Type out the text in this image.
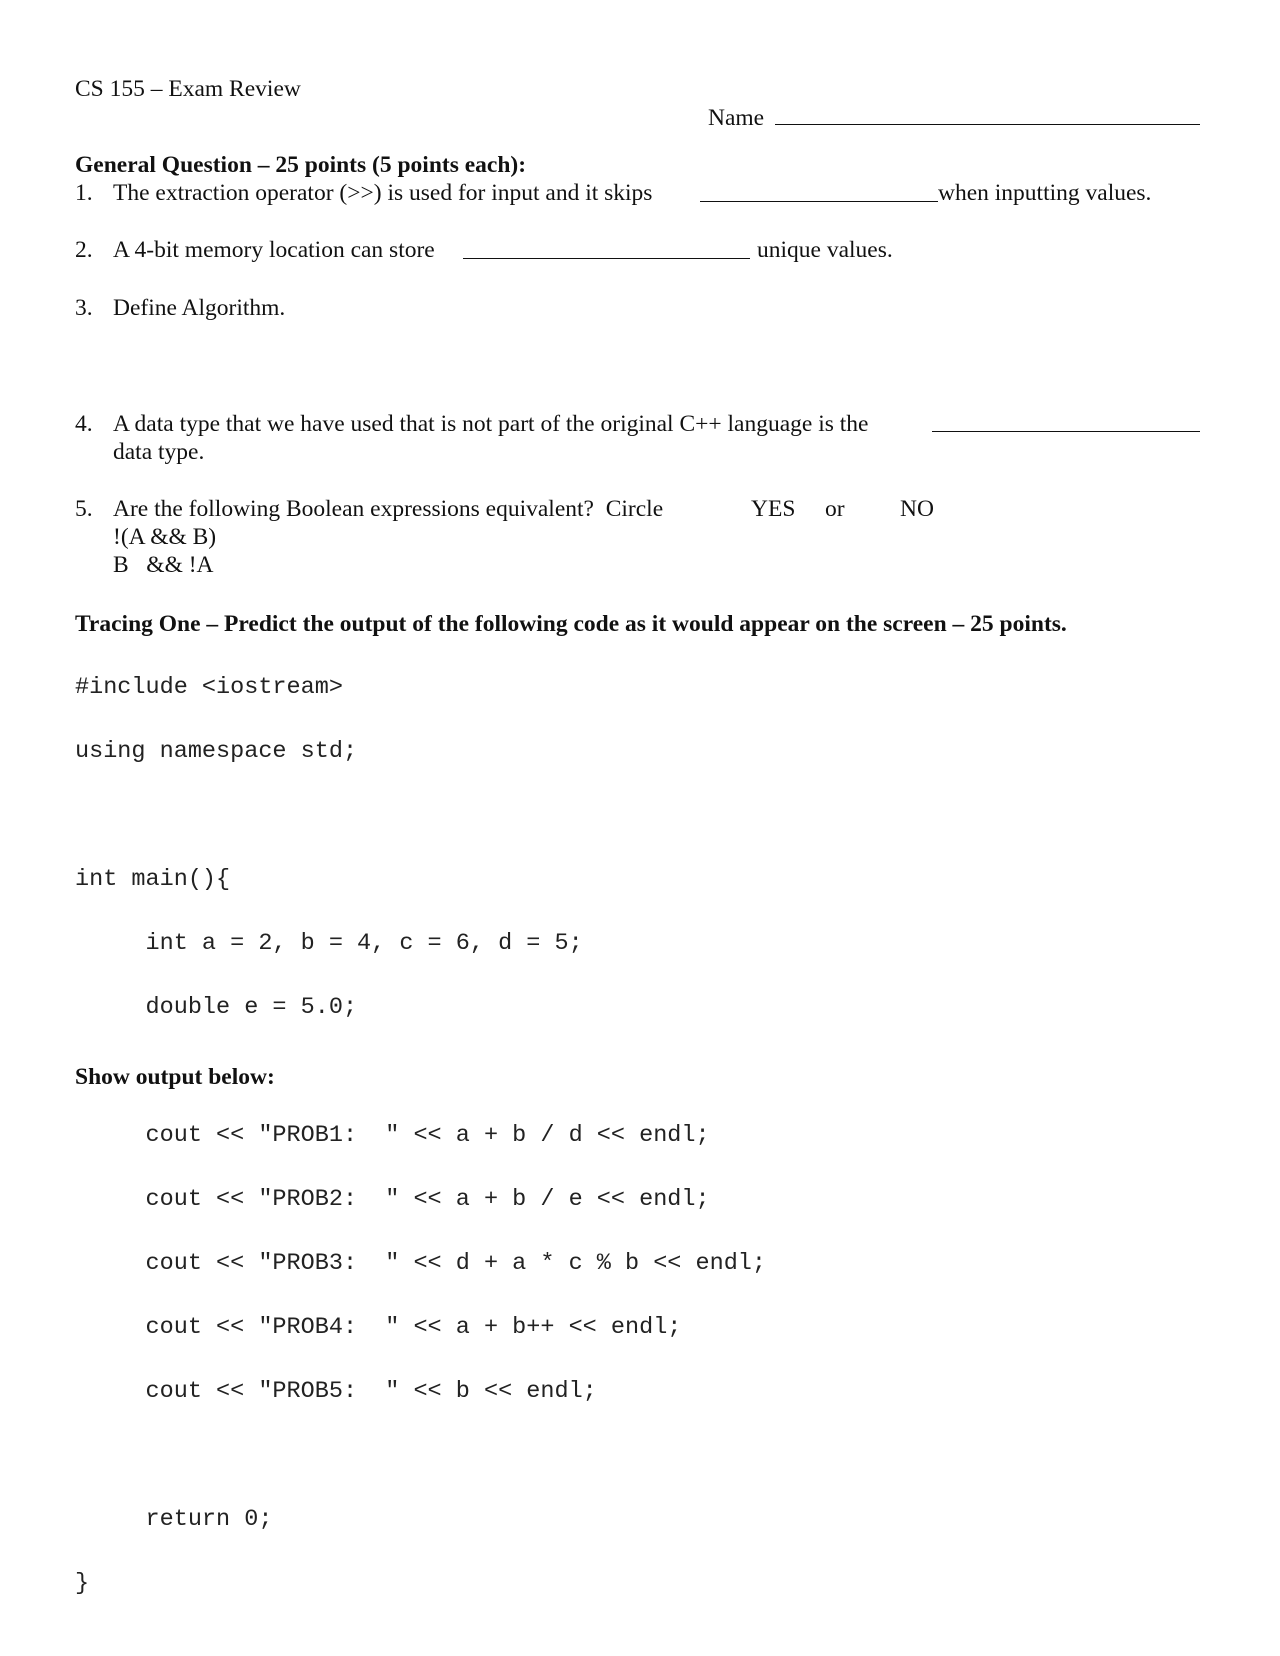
CS 155 – Exam Review
Name
General Question – 25 points (5 points each):
1. The extraction operator (>>) is used for input and it skips	when inputting values.
2. A 4-bit memory location can store	unique values.
3. Define Algorithm.
4. A data type that we have used that is not part of the original C++ language is the
data type.
5. Are the following Boolean expressions equivalent?  Circle	YES or NO
!(A && B)
B   && !A
Tracing One – Predict the output of the following code as it would appear on the screen – 25 points.

#include <iostream>

using namespace std;

int main(){

int a = 2, b = 4, c = 6, d = 5;

double e = 5.0;

cout << "PROB1:  " << a + b / d << endl;

cout << "PROB2:  " << a + b / e << endl;

cout << "PROB3:  " << d + a * c % b << endl;

cout << "PROB4:  " << a + b++ << endl;

cout << "PROB5:  " << b << endl;

return 0;

}

Show output below:
